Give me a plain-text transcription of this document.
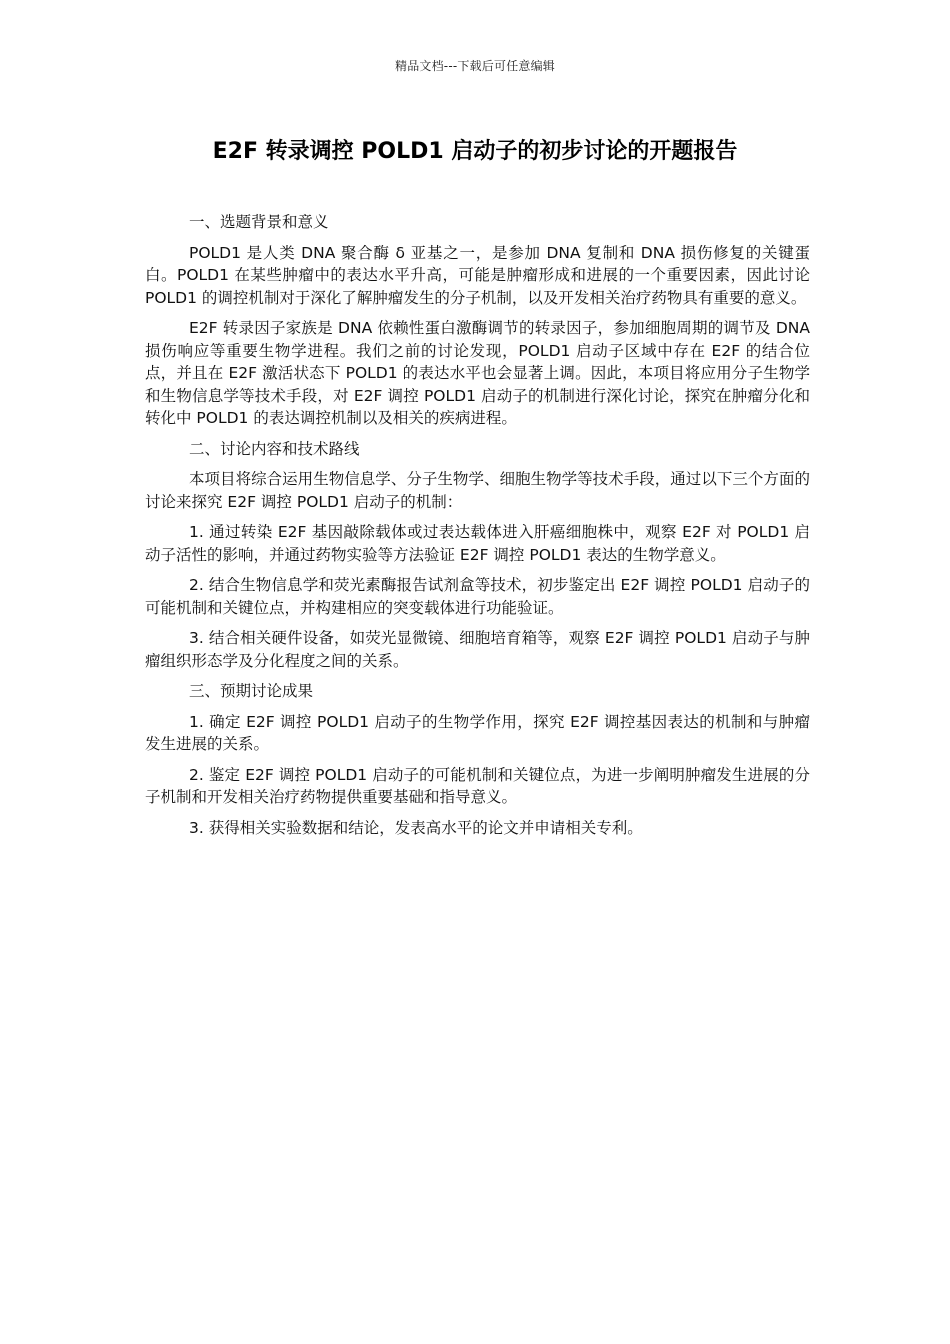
精品文档---下载后可任意编辑
E2F 转录调控 POLD1 启动子的初步讨论的开题报告

一、选题背景和意义

POLD1 是人类 DNA 聚合酶 δ 亚基之一，是参加 DNA 复制和 DNA 损伤修复的关键蛋白。POLD1 在某些肿瘤中的表达水平升高，可能是肿瘤形成和进展的一个重要因素，因此讨论 POLD1 的调控机制对于深化了解肿瘤发生的分子机制，以及开发相关治疗药物具有重要的意义。

E2F 转录因子家族是 DNA 依赖性蛋白激酶调节的转录因子，参加细胞周期的调节及 DNA 损伤响应等重要生物学进程。我们之前的讨论发现，POLD1 启动子区域中存在 E2F 的结合位点，并且在 E2F 激活状态下 POLD1 的表达水平也会显著上调。因此，本项目将应用分子生物学和生物信息学等技术手段，对 E2F 调控 POLD1 启动子的机制进行深化讨论，探究在肿瘤分化和转化中 POLD1 的表达调控机制以及相关的疾病进程。

二、讨论内容和技术路线

本项目将综合运用生物信息学、分子生物学、细胞生物学等技术手段，通过以下三个方面的讨论来探究 E2F 调控 POLD1 启动子的机制：

1. 通过转染 E2F 基因敲除载体或过表达载体进入肝癌细胞株中，观察 E2F 对 POLD1 启动子活性的影响，并通过药物实验等方法验证 E2F 调控 POLD1 表达的生物学意义。

2. 结合生物信息学和荧光素酶报告试剂盒等技术，初步鉴定出 E2F 调控 POLD1 启动子的可能机制和关键位点，并构建相应的突变载体进行功能验证。

3. 结合相关硬件设备，如荧光显微镜、细胞培育箱等，观察 E2F 调控 POLD1 启动子与肿瘤组织形态学及分化程度之间的关系。

三、预期讨论成果

1. 确定 E2F 调控 POLD1 启动子的生物学作用，探究 E2F 调控基因表达的机制和与肿瘤发生进展的关系。

2. 鉴定 E2F 调控 POLD1 启动子的可能机制和关键位点，为进一步阐明肿瘤发生进展的分子机制和开发相关治疗药物提供重要基础和指导意义。

3. 获得相关实验数据和结论，发表高水平的论文并申请相关专利。
